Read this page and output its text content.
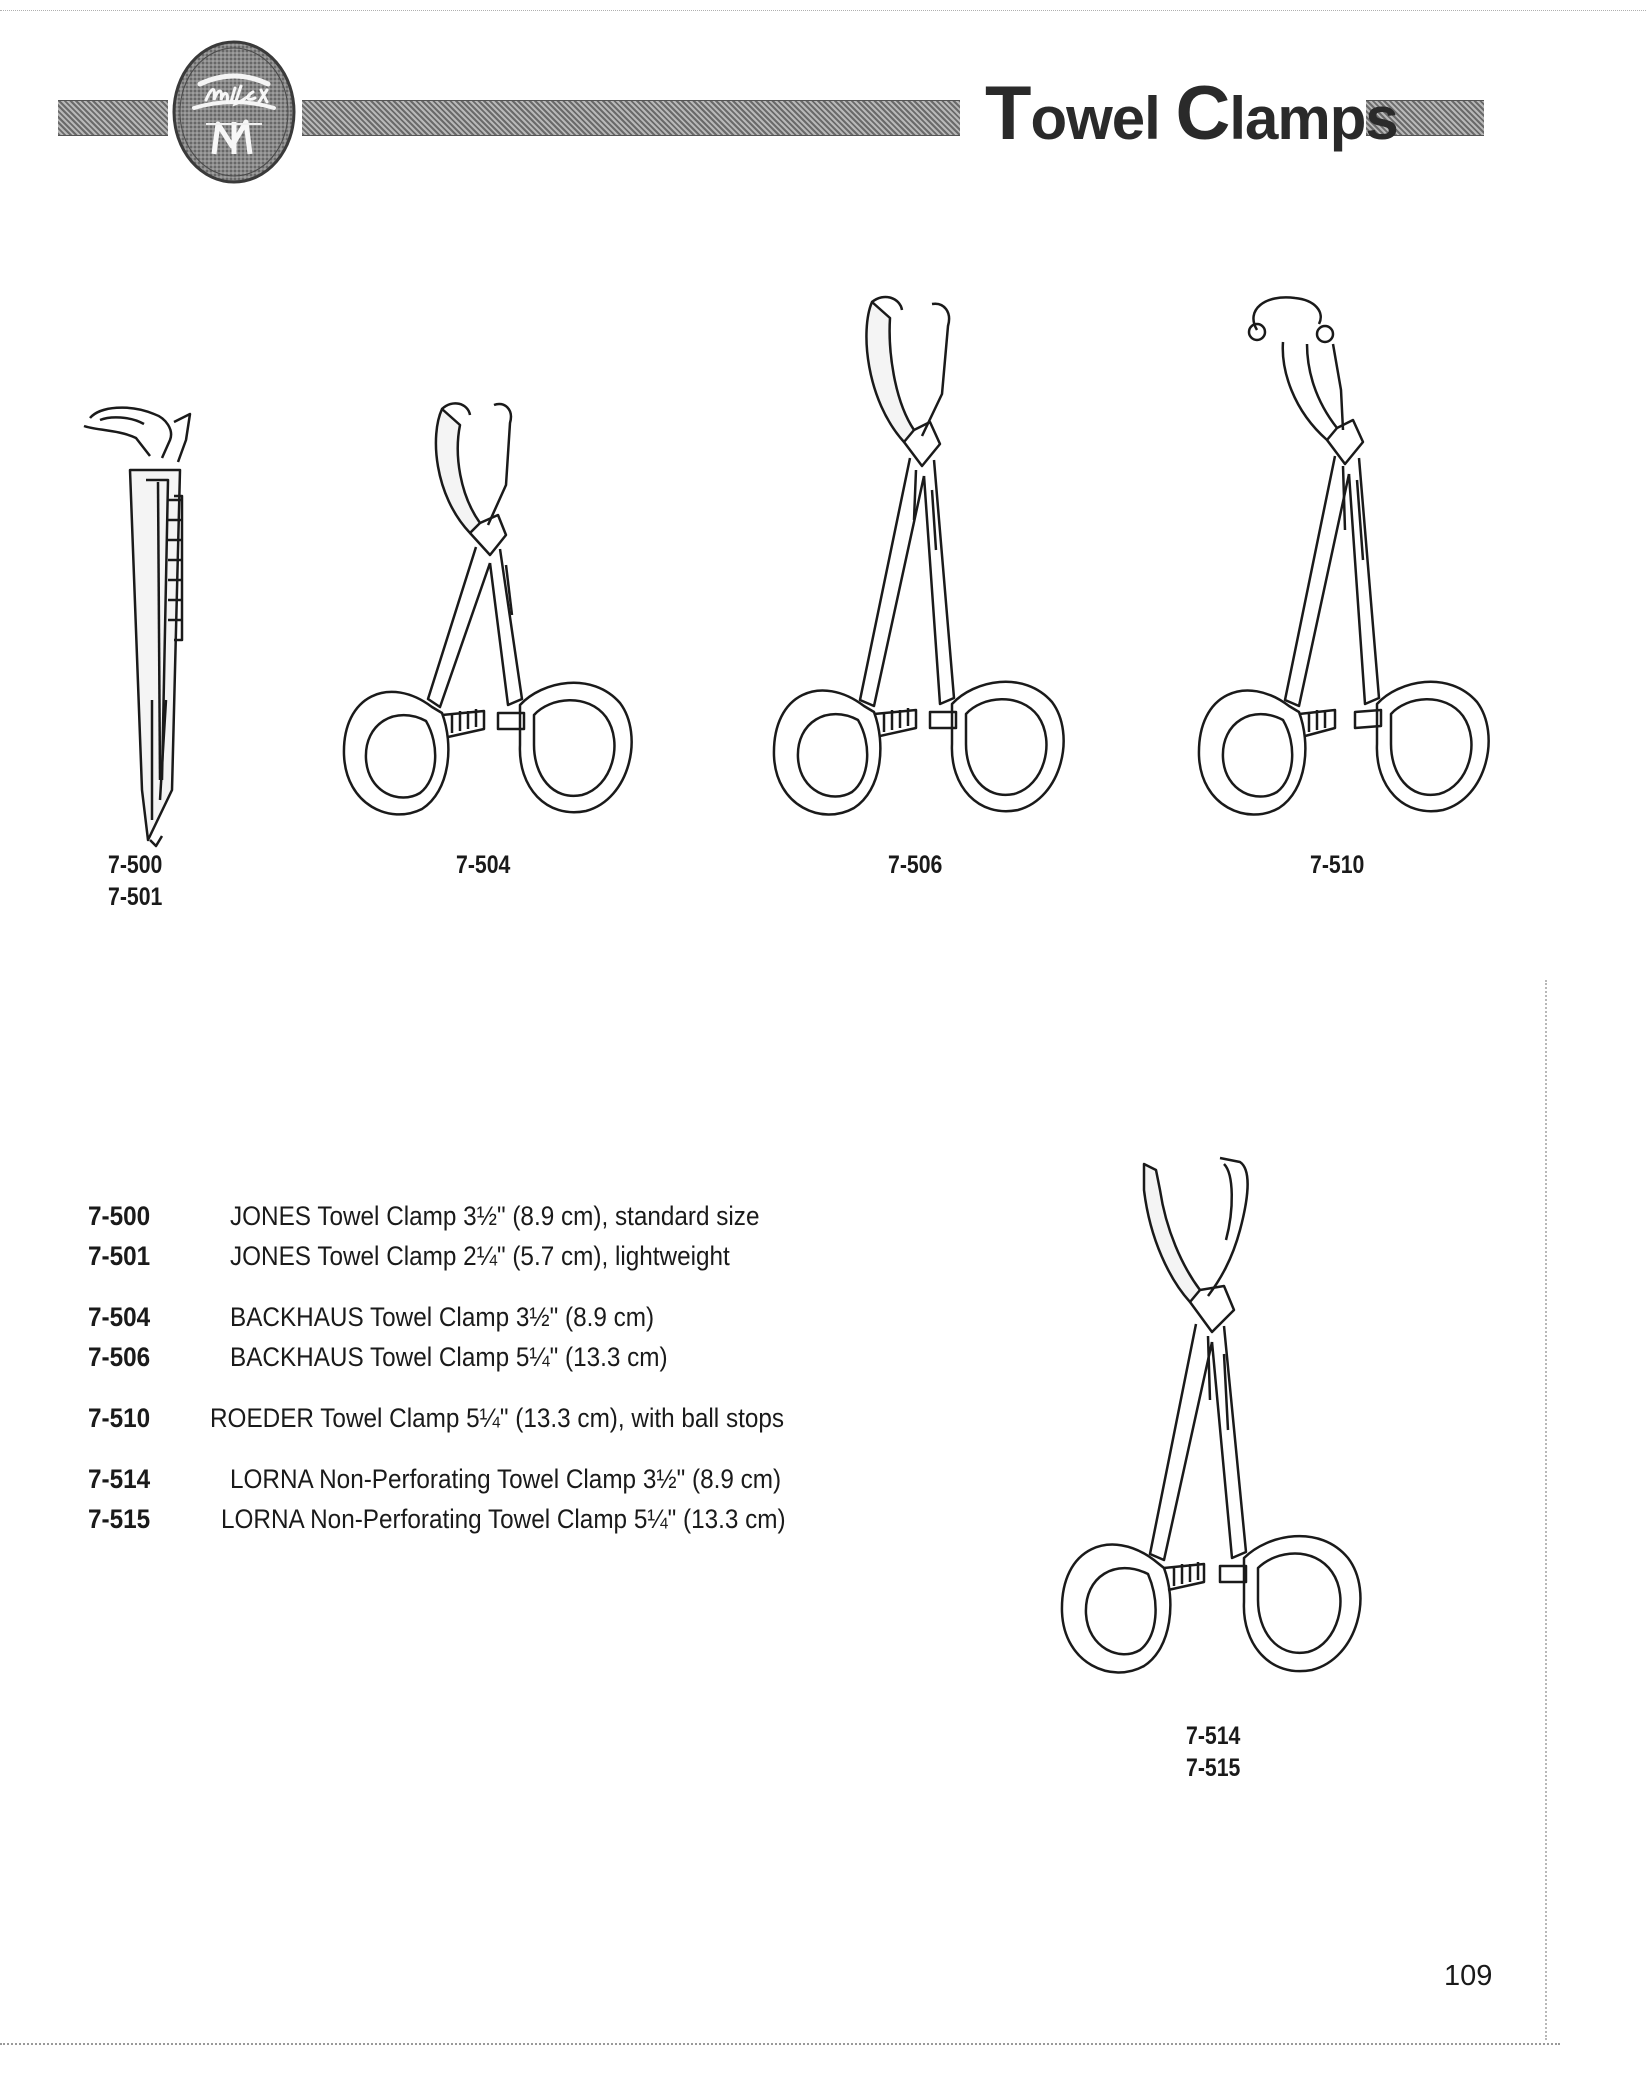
Towel Clamps
7-500
7-501
7-504	7-506	7-510
7-500	JONES Towel Clamp 3½" (8.9 cm), standard size
7-501	JONES Towel Clamp 2¼" (5.7 cm), lightweight
7-504	BACKHAUS Towel Clamp 3½" (8.9 cm)
7-506	BACKHAUS Towel Clamp 5¼" (13.3 cm)
7-510	ROEDER Towel Clamp 5¼" (13.3 cm), with ball stops
7-514	LORNA Non-Perforating Towel Clamp 3½" (8.9 cm)
7-515	LORNA Non-Perforating Towel Clamp 5¼" (13.3 cm)
7-514
7-515
109
